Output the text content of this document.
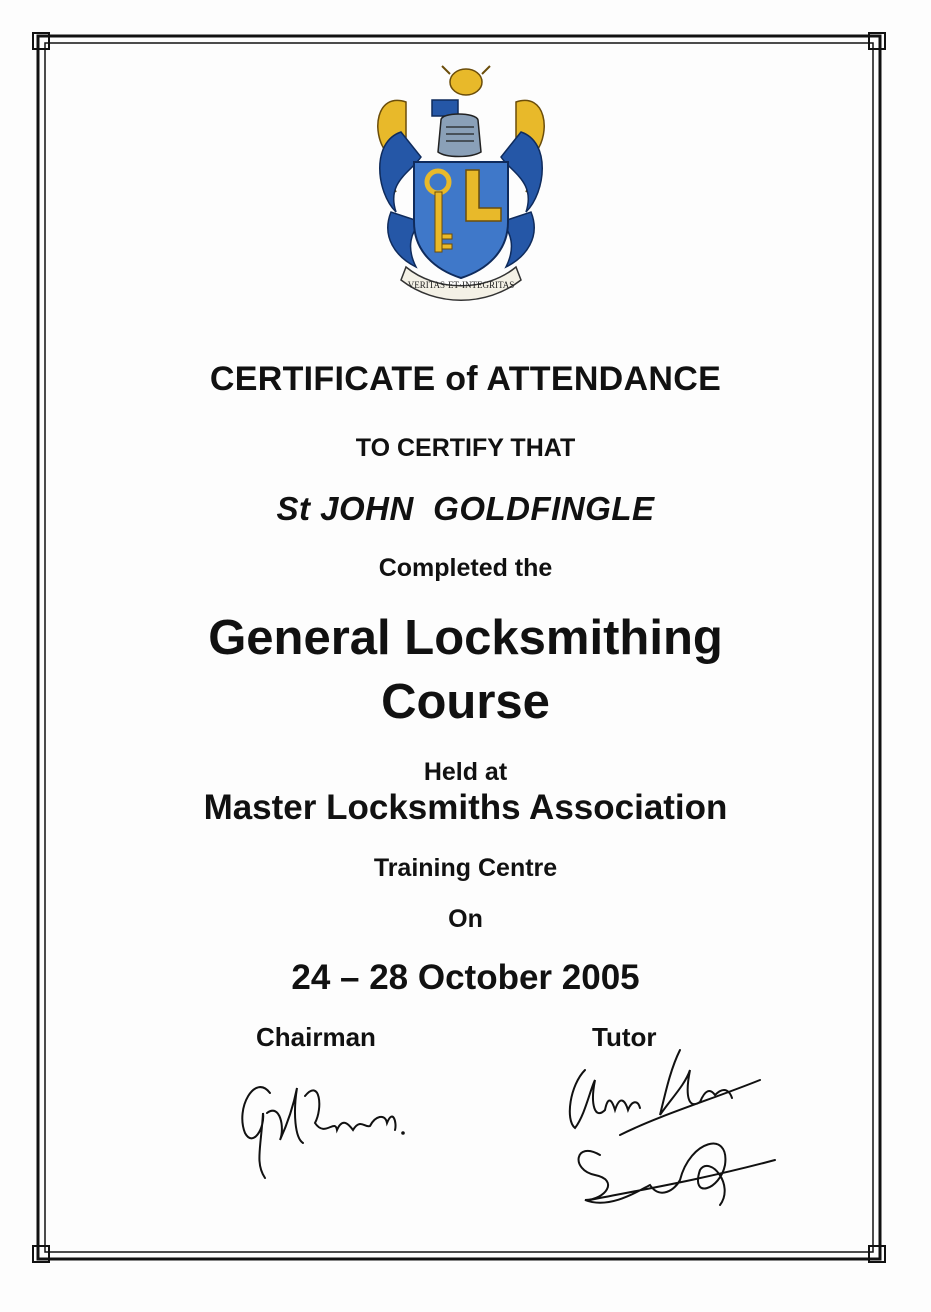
VERITAS·ET·INTEGRITAS
CERTIFICATE of ATTENDANCE
TO CERTIFY THAT
St JOHN  GOLDFINGLE
Completed the
General Locksmithing
Course
Held at
Master Locksmiths Association
Training Centre
On
24 – 28 October 2005
Chairman	Tutor
